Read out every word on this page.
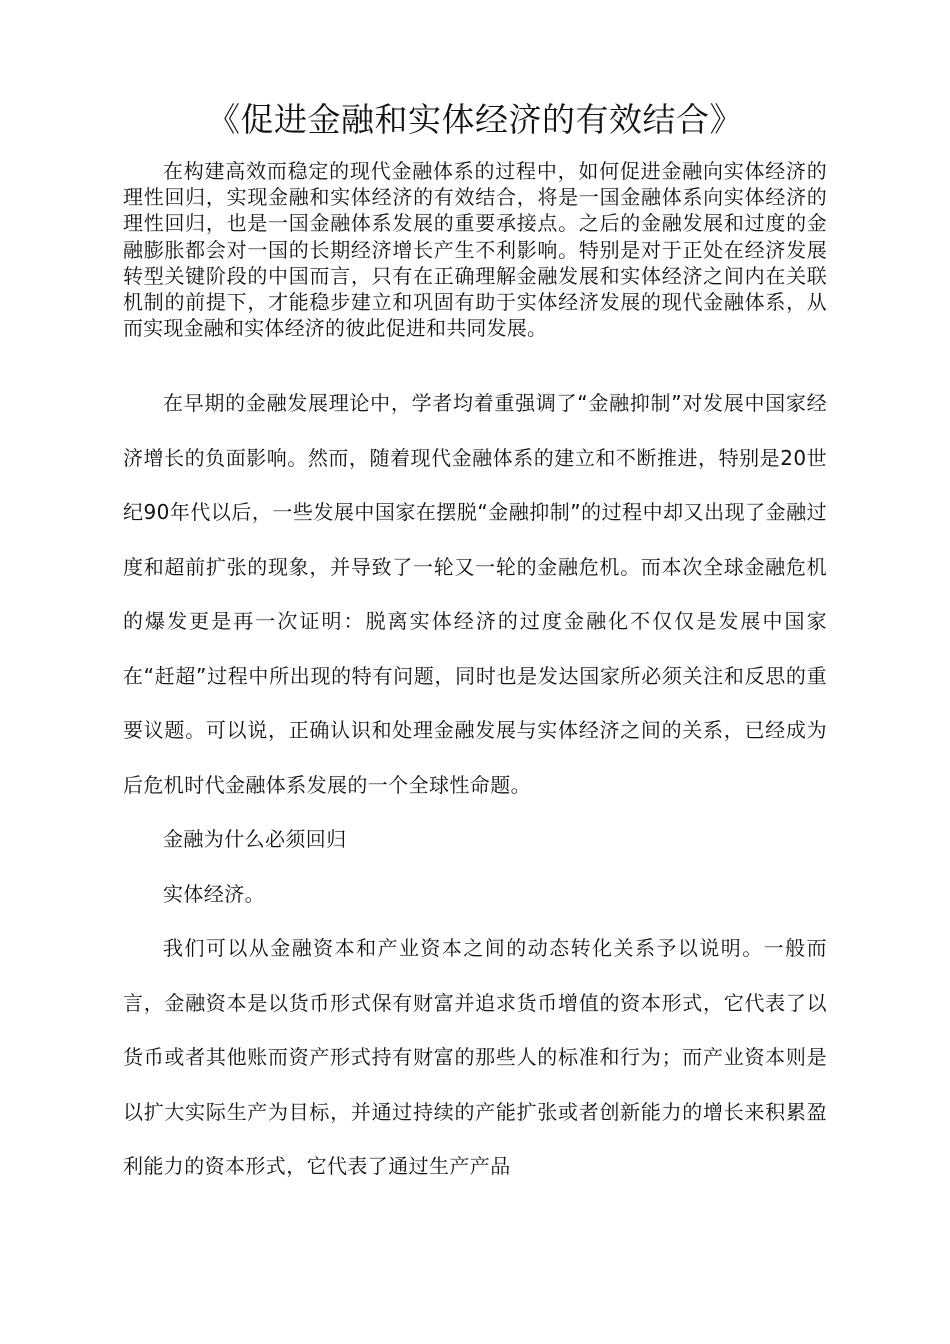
《促进金融和实体经济的有效结合》

在构建高效而稳定的现代金融体系的过程中，如何促进金融向实体经济的理性回归，实现金融和实体经济的有效结合，将是一国金融体系向实体经济的理性回归，也是一国金融体系发展的重要承接点。之后的金融发展和过度的金融膨胀都会对一国的长期经济增长产生不利影响。特别是对于正处在经济发展转型关键阶段的中国而言，只有在正确理解金融发展和实体经济之间内在关联机制的前提下，才能稳步建立和巩固有助于实体经济发展的现代金融体系，从而实现金融和实体经济的彼此促进和共同发展。

在早期的金融发展理论中，学者均着重强调了“金融抑制”对发展中国家经济增长的负面影响。然而，随着现代金融体系的建立和不断推进，特别是20世纪90年代以后，一些发展中国家在摆脱“金融抑制”的过程中却又出现了金融过度和超前扩张的现象，并导致了一轮又一轮的金融危机。而本次全球金融危机的爆发更是再一次证明：脱离实体经济的过度金融化不仅仅是发展中国家在“赶超”过程中所出现的特有问题，同时也是发达国家所必须关注和反思的重要议题。可以说，正确认识和处理金融发展与实体经济之间的关系，已经成为后危机时代金融体系发展的一个全球性命题。

金融为什么必须回归

实体经济。

我们可以从金融资本和产业资本之间的动态转化关系予以说明。一般而言，金融资本是以货币形式保有财富并追求货币增值的资本形式，它代表了以货币或者其他账而资产形式持有财富的那些人的标准和行为；而产业资本则是以扩大实际生产为目标，并通过持续的产能扩张或者创新能力的增长来积累盈利能力的资本形式，它代表了通过生产产品
